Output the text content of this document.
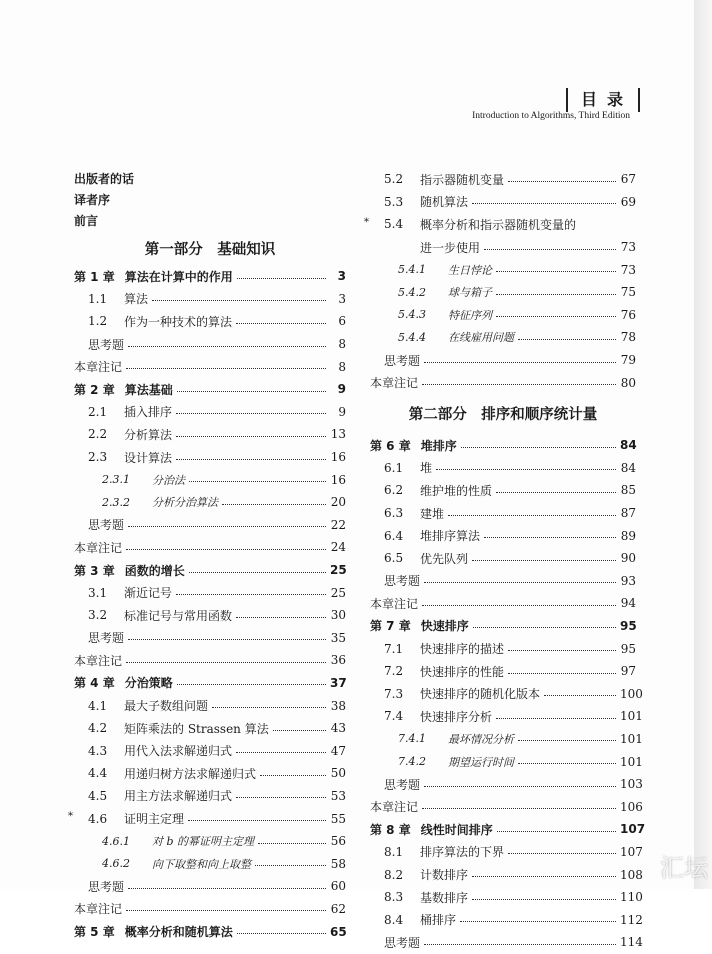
目录
Introduction to Algorithms, Third Edition
出版者的话
译者序
前言
第一部分　基础知识
第 1 章 算法在计算中的作用	3
1.1	算法	3
1.2	作为一种技术的算法	6
思考题	8
本章注记	8
第 2 章 算法基础	9
2.1	插入排序	9
2.2	分析算法	13
2.3	设计算法	16
2.3.1	分治法	16
2.3.2	分析分治算法	20
思考题	22
本章注记	24
第 3 章 函数的增长	25
3.1	渐近记号	25
3.2	标准记号与常用函数	30
思考题	35
本章注记	36
第 4 章 分治策略	37
4.1	最大子数组问题	38
4.2	矩阵乘法的 Strassen 算法	43
4.3	用代入法求解递归式	47
4.4	用递归树方法求解递归式	50
4.5	用主方法求解递归式	53
* 4.6	证明主定理	55
4.6.1	对 b 的幂证明主定理	56
4.6.2	向下取整和向上取整	58
思考题	60
本章注记	62
第 5 章 概率分析和随机算法	65
5.2	指示器随机变量	67
5.3	随机算法	69
* 5.4	概率分析和指示器随机变量的
进一步使用	73
5.4.1	生日悖论	73
5.4.2	球与箱子	75
5.4.3	特征序列	76
5.4.4	在线雇用问题	78
思考题	79
本章注记	80
第二部分　排序和顺序统计量
第 6 章 堆排序	84
6.1	堆	84
6.2	维护堆的性质	85
6.3	建堆	87
6.4	堆排序算法	89
6.5	优先队列	90
思考题	93
本章注记	94
第 7 章 快速排序	95
7.1	快速排序的描述	95
7.2	快速排序的性能	97
7.3	快速排序的随机化版本	100
7.4	快速排序分析	101
7.4.1	最坏情况分析	101
7.4.2	期望运行时间	101
思考题	103
本章注记	106
第 8 章 线性时间排序	107
8.1	排序算法的下界	107
8.2	计数排序	108
8.3	基数排序	110
8.4	桶排序	112
思考题	114
汇坛
